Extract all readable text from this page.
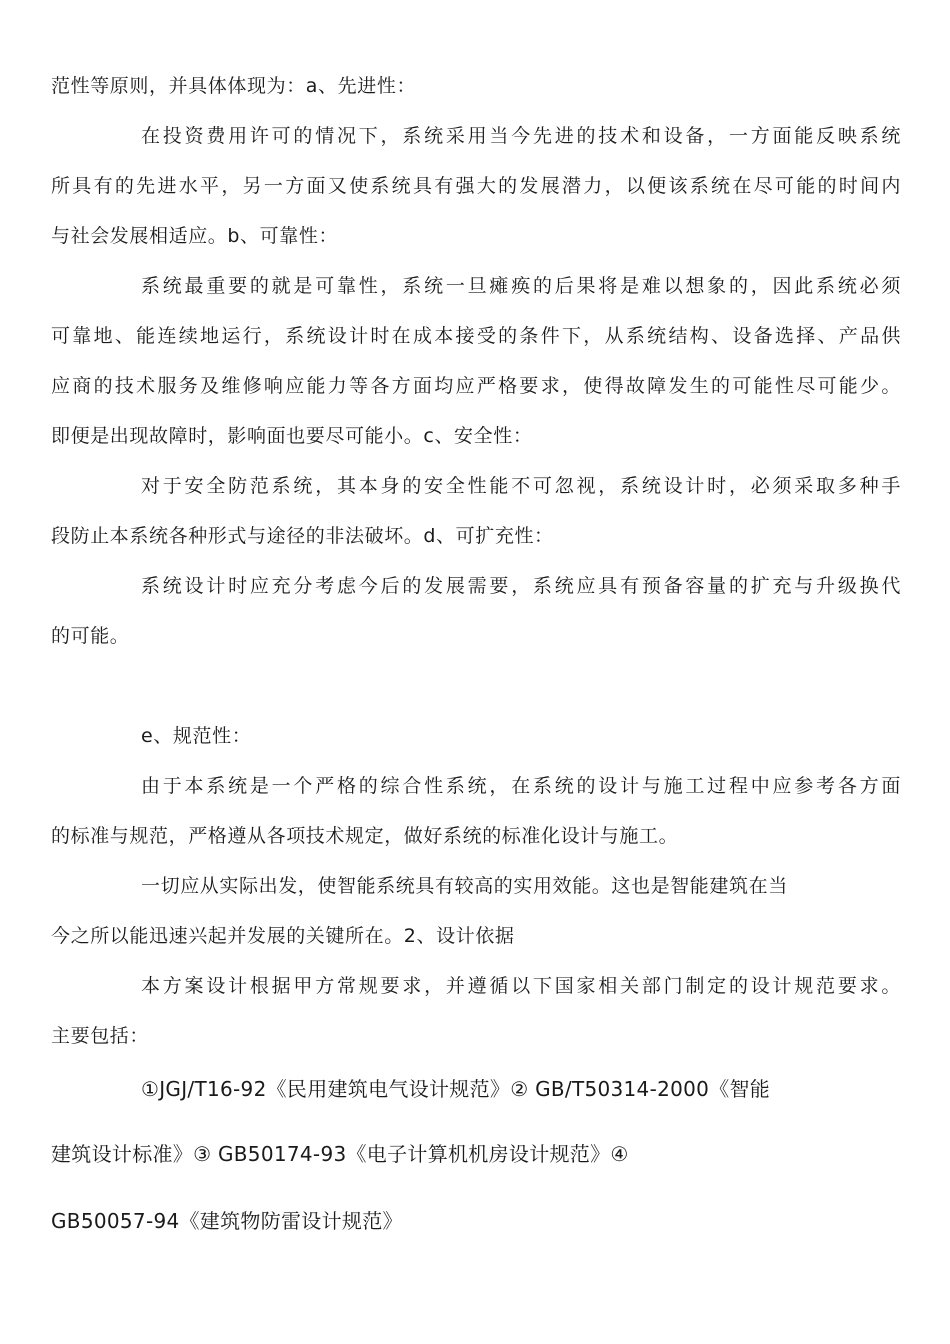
范性等原则，并具体体现为：a、先进性：
在投资费用许可的情况下，系统采用当今先进的技术和设备，一方面能反映系统
所具有的先进水平，另一方面又使系统具有强大的发展潜力，以便该系统在尽可能的时间内
与社会发展相适应。b、可靠性：
系统最重要的就是可靠性，系统一旦瘫痪的后果将是难以想象的，因此系统必须
可靠地、能连续地运行，系统设计时在成本接受的条件下，从系统结构、设备选择、产品供
应商的技术服务及维修响应能力等各方面均应严格要求，使得故障发生的可能性尽可能少。
即便是出现故障时，影响面也要尽可能小。c、安全性：
对于安全防范系统，其本身的安全性能不可忽视，系统设计时，必须采取多种手
段防止本系统各种形式与途径的非法破坏。d、可扩充性：
系统设计时应充分考虑今后的发展需要，系统应具有预备容量的扩充与升级换代
的可能。
e、规范性：
由于本系统是一个严格的综合性系统，在系统的设计与施工过程中应参考各方面
的标准与规范，严格遵从各项技术规定，做好系统的标准化设计与施工。
一切应从实际出发，使智能系统具有较高的实用效能。这也是智能建筑在当
今之所以能迅速兴起并发展的关键所在。2、设计依据
本方案设计根据甲方常规要求，并遵循以下国家相关部门制定的设计规范要求。
主要包括：
①JGJ/T16-92《民用建筑电气设计规范》② GB/T50314-2000《智能
建筑设计标准》③ GB50174-93《电子计算机机房设计规范》④
GB50057-94《建筑物防雷设计规范》
